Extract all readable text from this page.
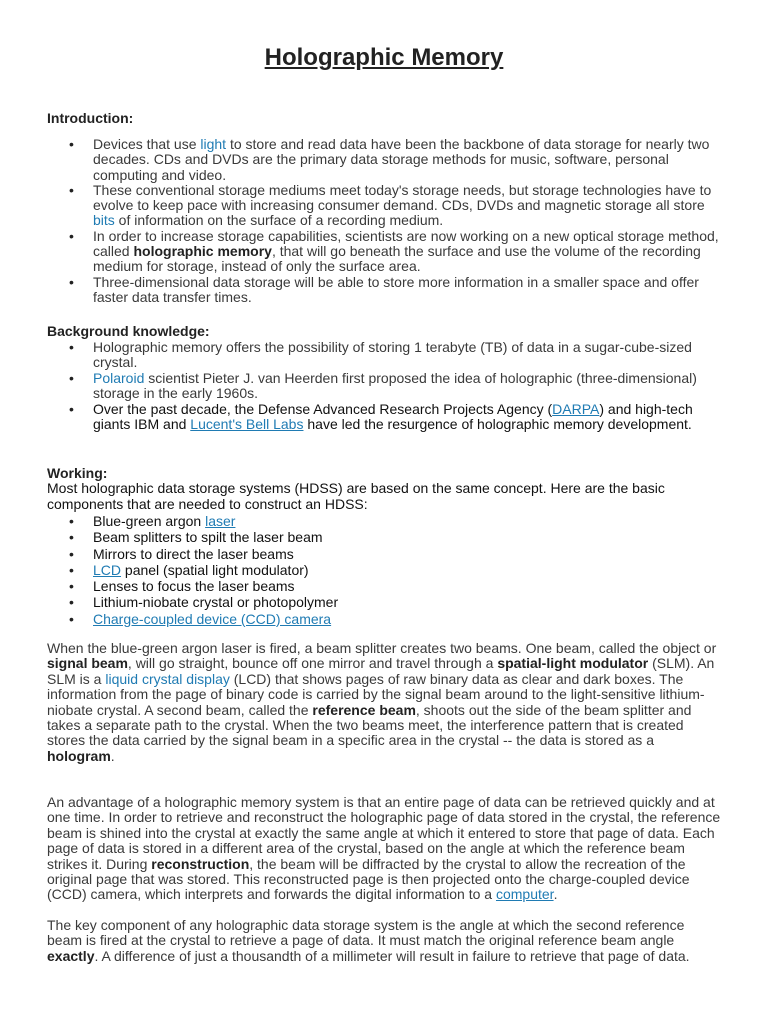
Holographic Memory
Introduction:
• Devices that use light to store and read data have been the backbone of data storage for nearly two decades. CDs and DVDs are the primary data storage methods for music, software, personal computing and video.
• These conventional storage mediums meet today's storage needs, but storage technologies have to evolve to keep pace with increasing consumer demand. CDs, DVDs and magnetic storage all store bits of information on the surface of a recording medium.
• In order to increase storage capabilities, scientists are now working on a new optical storage method, called holographic memory, that will go beneath the surface and use the volume of the recording medium for storage, instead of only the surface area.
• Three-dimensional data storage will be able to store more information in a smaller space and offer faster data transfer times.
Background knowledge:
• Holographic memory offers the possibility of storing 1 terabyte (TB) of data in a sugar-cube-sized crystal.
• Polaroid scientist Pieter J. van Heerden first proposed the idea of holographic (three-dimensional) storage in the early 1960s.
• Over the past decade, the Defense Advanced Research Projects Agency (DARPA) and high-tech giants IBM and Lucent's Bell Labs have led the resurgence of holographic memory development.
Working:

Most holographic data storage systems (HDSS) are based on the same concept. Here are the basic components that are needed to construct an HDSS:

• Blue-green argon laser
• Beam splitters to spilt the laser beam
• Mirrors to direct the laser beams
• LCD panel (spatial light modulator)
• Lenses to focus the laser beams
• Lithium-niobate crystal or photopolymer
• Charge-coupled device (CCD) camera

When the blue-green argon laser is fired, a beam splitter creates two beams. One beam, called the object or signal beam, will go straight, bounce off one mirror and travel through a spatial-light modulator (SLM). An SLM is a liquid crystal display (LCD) that shows pages of raw binary data as clear and dark boxes. The information from the page of binary code is carried by the signal beam around to the light-sensitive lithium-niobate crystal. A second beam, called the reference beam, shoots out the side of the beam splitter and takes a separate path to the crystal. When the two beams meet, the interference pattern that is created stores the data carried by the signal beam in a specific area in the crystal -- the data is stored as a hologram.

An advantage of a holographic memory system is that an entire page of data can be retrieved quickly and at one time. In order to retrieve and reconstruct the holographic page of data stored in the crystal, the reference beam is shined into the crystal at exactly the same angle at which it entered to store that page of data. Each page of data is stored in a different area of the crystal, based on the angle at which the reference beam strikes it. During reconstruction, the beam will be diffracted by the crystal to allow the recreation of the original page that was stored. This reconstructed page is then projected onto the charge-coupled device (CCD) camera, which interprets and forwards the digital information to a computer.

The key component of any holographic data storage system is the angle at which the second reference beam is fired at the crystal to retrieve a page of data. It must match the original reference beam angle exactly. A difference of just a thousandth of a millimeter will result in failure to retrieve that page of data.
